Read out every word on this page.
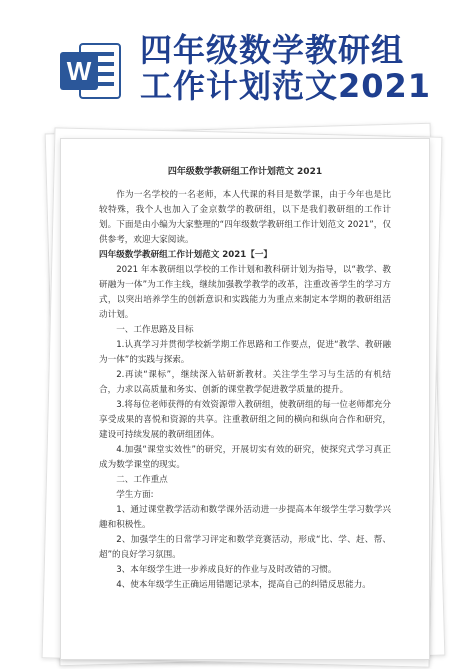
W
四年级数学教研组
工作计划范文2021

四年级数学教研组工作计划范文 2021

作为一名学校的一名老师，本人代课的科目是数学课，由于今年也是比较特殊，我个人也加入了金京数学的教研组，以下是我们教研组的工作计划。下面是由小编为大家整理的“四年级数学教研组工作计划范文 2021”，仅供参考，欢迎大家阅读。

四年级数学教研组工作计划范文 2021【一】

2021 年本教研组以学校的工作计划和教科研计划为指导，以“教学、教研融为一体”为工作主线，继续加强教学教学的改革，注重改善学生的学习方式，以突出培养学生的创新意识和实践能力为重点来制定本学期的教研组活动计划。

一、工作思路及目标

1.认真学习并贯彻学校新学期工作思路和工作要点，促进“教学、教研融为一体”的实践与探索。

2.再读“课标”，继续深入钻研新教材。关注学生学习与生活的有机结合，力求以高质量和务实、创新的课堂教学促进教学质量的提升。

3.将每位老师获得的有效资源带入教研组，使教研组的每一位老师都充分享受成果的喜悦和资源的共享。注重教研组之间的横向和纵向合作和研究，建设可持续发展的教研组团体。

4.加强“课堂实效性”的研究，开展切实有效的研究，使探究式学习真正成为数学课堂的现实。

二、工作重点

学生方面:

1、通过课堂教学活动和数学课外活动进一步提高本年级学生学习数学兴趣和积极性。

2、加强学生的日常学习评定和数学竞赛活动，形成“比、学、赶、帮、超”的良好学习氛围。

3、本年级学生进一步养成良好的作业与及时改错的习惯。

4、使本年级学生正确运用错题记录本，提高自己的纠错反思能力。
